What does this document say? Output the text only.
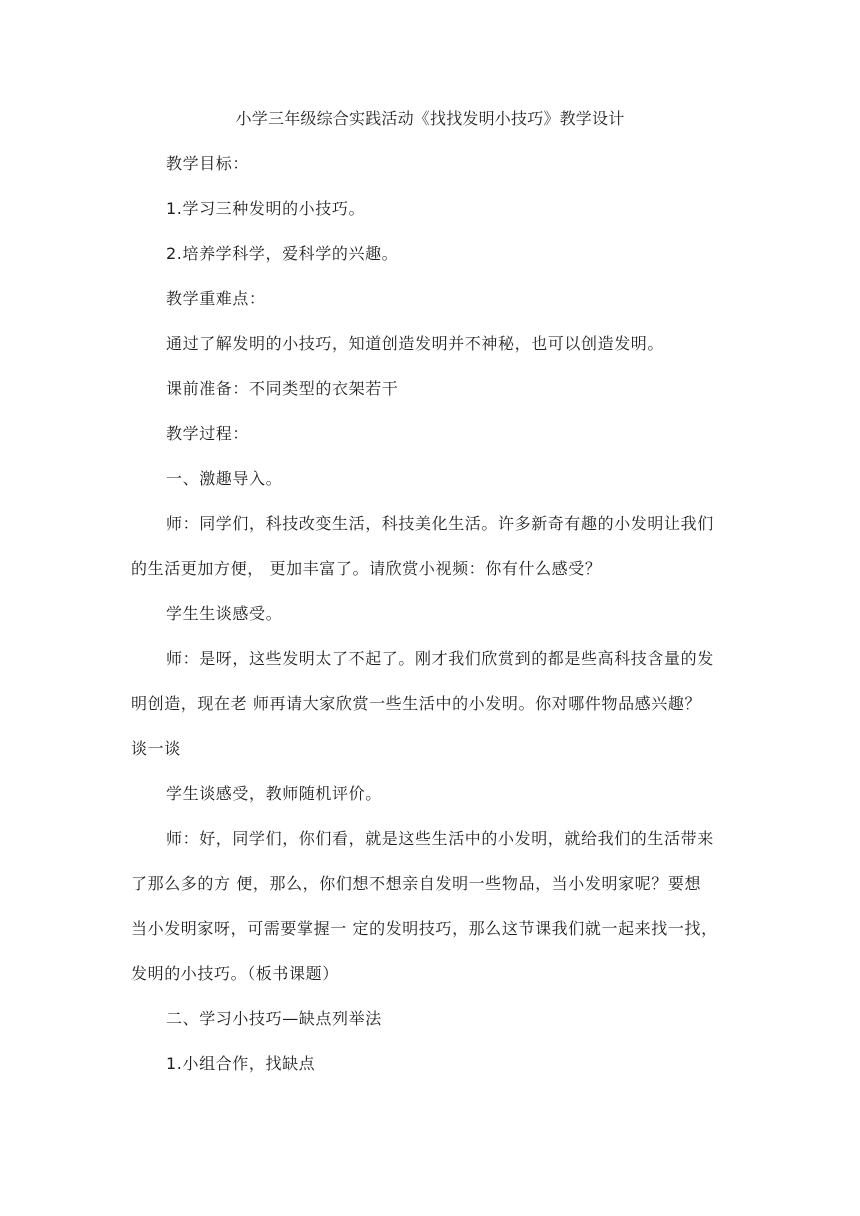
小学三年级综合实践活动《找找发明小技巧》教学设计
教学目标：
1.学习三种发明的小技巧。
2.培养学科学，爱科学的兴趣。
教学重难点：
通过了解发明的小技巧，知道创造发明并不神秘，也可以创造发明。
课前准备：不同类型的衣架若干
教学过程：
一、激趣导入。
师：同学们，科技改变生活，科技美化生活。许多新奇有趣的小发明让我们
的生活更加方便， 更加丰富了。请欣赏小视频：你有什么感受？
学生生谈感受。
师：是呀，这些发明太了不起了。刚才我们欣赏到的都是些高科技含量的发
明创造，现在老 师再请大家欣赏一些生活中的小发明。你对哪件物品感兴趣？
谈一谈
学生谈感受，教师随机评价。
师：好，同学们，你们看，就是这些生活中的小发明，就给我们的生活带来
了那么多的方 便，那么，你们想不想亲自发明一些物品，当小发明家呢？要想
当小发明家呀，可需要掌握一 定的发明技巧，那么这节课我们就一起来找一找，
发明的小技巧。（板书课题）
二、学习小技巧—缺点列举法
1.小组合作，找缺点
